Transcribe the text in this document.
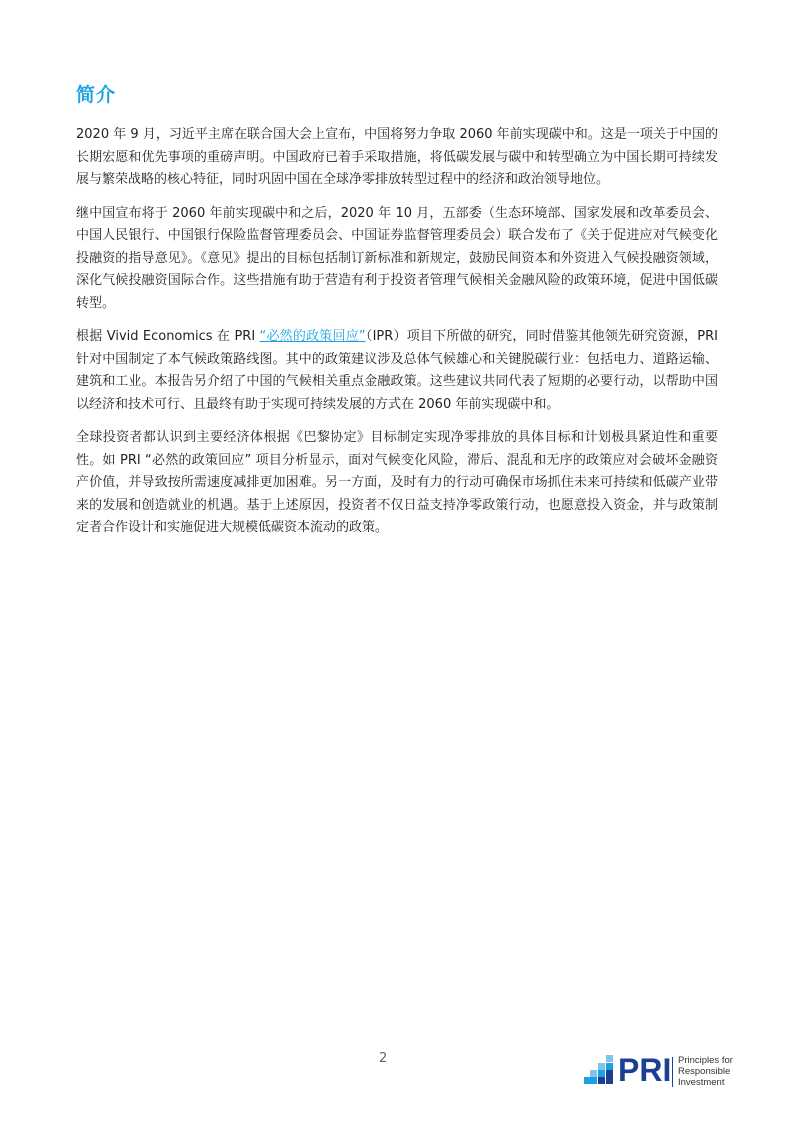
简介

2020 年 9 月，习近平主席在联合国大会上宣布，中国将努力争取 2060 年前实现碳中和。这是一项关于中国的长期宏愿和优先事项的重磅声明。中国政府已着手采取措施，将低碳发展与碳中和转型确立为中国长期可持续发展与繁荣战略的核心特征，同时巩固中国在全球净零排放转型过程中的经济和政治领导地位。

继中国宣布将于 2060 年前实现碳中和之后，2020 年 10 月，五部委（生态环境部、国家发展和改革委员会、中国人民银行、中国银行保险监督管理委员会、中国证券监督管理委员会）联合发布了《关于促进应对气候变化投融资的指导意见》。《意见》提出的目标包括制订新标准和新规定，鼓励民间资本和外资进入气候投融资领域，深化气候投融资国际合作。这些措施有助于营造有利于投资者管理气候相关金融风险的政策环境，促进中国低碳转型。

根据 Vivid Economics 在 PRI “必然的政策回应”（IPR）项目下所做的研究，同时借鉴其他领先研究资源，PRI 针对中国制定了本气候政策路线图。其中的政策建议涉及总体气候雄心和关键脱碳行业：包括电力、道路运输、建筑和工业。本报告另介绍了中国的气候相关重点金融政策。这些建议共同代表了短期的必要行动，以帮助中国以经济和技术可行、且最终有助于实现可持续发展的方式在 2060 年前实现碳中和。

全球投资者都认识到主要经济体根据《巴黎协定》目标制定实现净零排放的具体目标和计划极具紧迫性和重要性。如 PRI “必然的政策回应” 项目分析显示，面对气候变化风险，滞后、混乱和无序的政策应对会破坏金融资产价值，并导致按所需速度减排更加困难。另一方面，及时有力的行动可确保市场抓住未来可持续和低碳产业带来的发展和创造就业的机遇。基于上述原因，投资者不仅日益支持净零政策行动，也愿意投入资金，并与政策制定者合作设计和实施促进大规模低碳资本流动的政策。

2	PRI Principles for
Responsible
Investment
